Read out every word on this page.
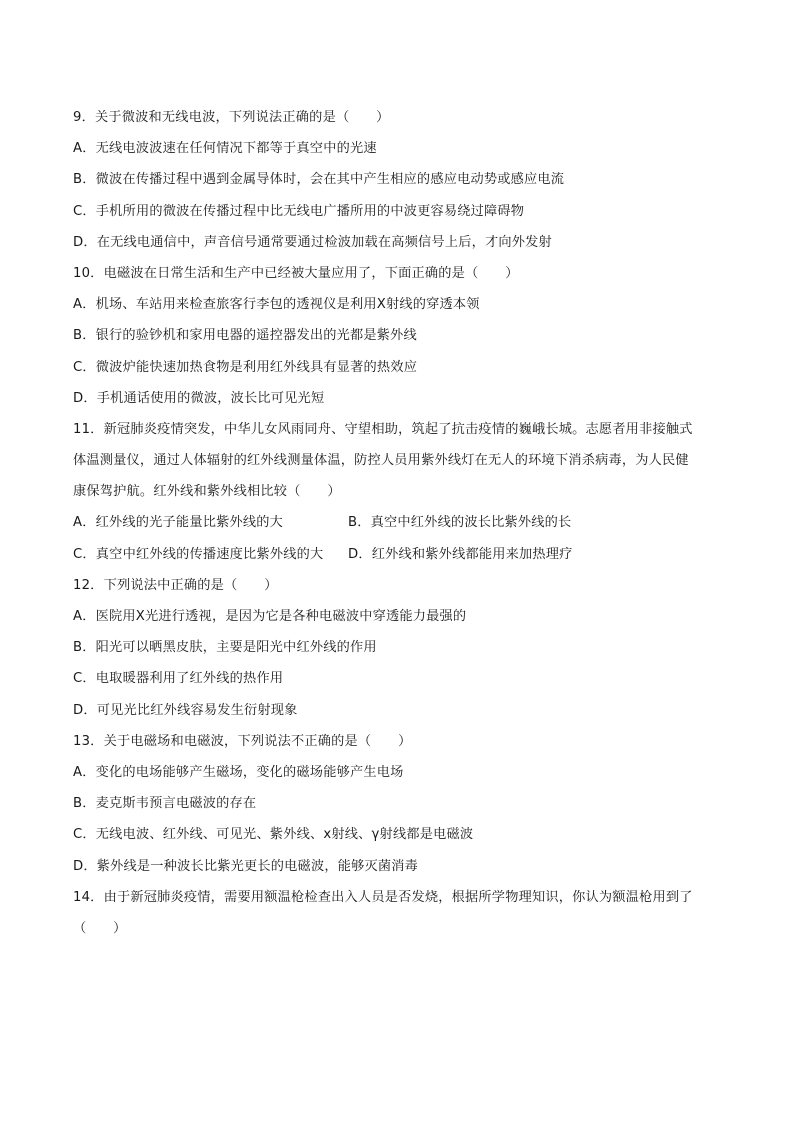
9．关于微波和无线电波，下列说法正确的是（　　）
A．无线电波波速在任何情况下都等于真空中的光速
B．微波在传播过程中遇到金属导体时，会在其中产生相应的感应电动势或感应电流
C．手机所用的微波在传播过程中比无线电广播所用的中波更容易绕过障碍物
D．在无线电通信中，声音信号通常要通过检波加载在高频信号上后，才向外发射
10．电磁波在日常生活和生产中已经被大量应用了，下面正确的是（　　）
A．机场、车站用来检查旅客行李包的透视仪是利用X射线的穿透本领
B．银行的验钞机和家用电器的遥控器发出的光都是紫外线
C．微波炉能快速加热食物是利用红外线具有显著的热效应
D．手机通话使用的微波，波长比可见光短
11．新冠肺炎疫情突发，中华儿女风雨同舟、守望相助，筑起了抗击疫情的巍峨长城。志愿者用非接触式
体温测量仪，通过人体辐射的红外线测量体温，防控人员用紫外线灯在无人的环境下消杀病毒，为人民健
康保驾护航。红外线和紫外线相比较（　　）
A．红外线的光子能量比紫外线的大	B．真空中红外线的波长比紫外线的长
C．真空中红外线的传播速度比紫外线的大	D．红外线和紫外线都能用来加热理疗
12．下列说法中正确的是（　　）
A．医院用X光进行透视，是因为它是各种电磁波中穿透能力最强的
B．阳光可以晒黑皮肤，主要是阳光中红外线的作用
C．电取暖器利用了红外线的热作用
D．可见光比红外线容易发生衍射现象
13．关于电磁场和电磁波，下列说法不正确的是（　　）
A．变化的电场能够产生磁场，变化的磁场能够产生电场
B．麦克斯韦预言电磁波的存在
C．无线电波、红外线、可见光、紫外线、x射线、γ射线都是电磁波
D．紫外线是一种波长比紫光更长的电磁波，能够灭菌消毒
14．由于新冠肺炎疫情，需要用额温枪检查出入人员是否发烧，根据所学物理知识，你认为额温枪用到了
（　　）
